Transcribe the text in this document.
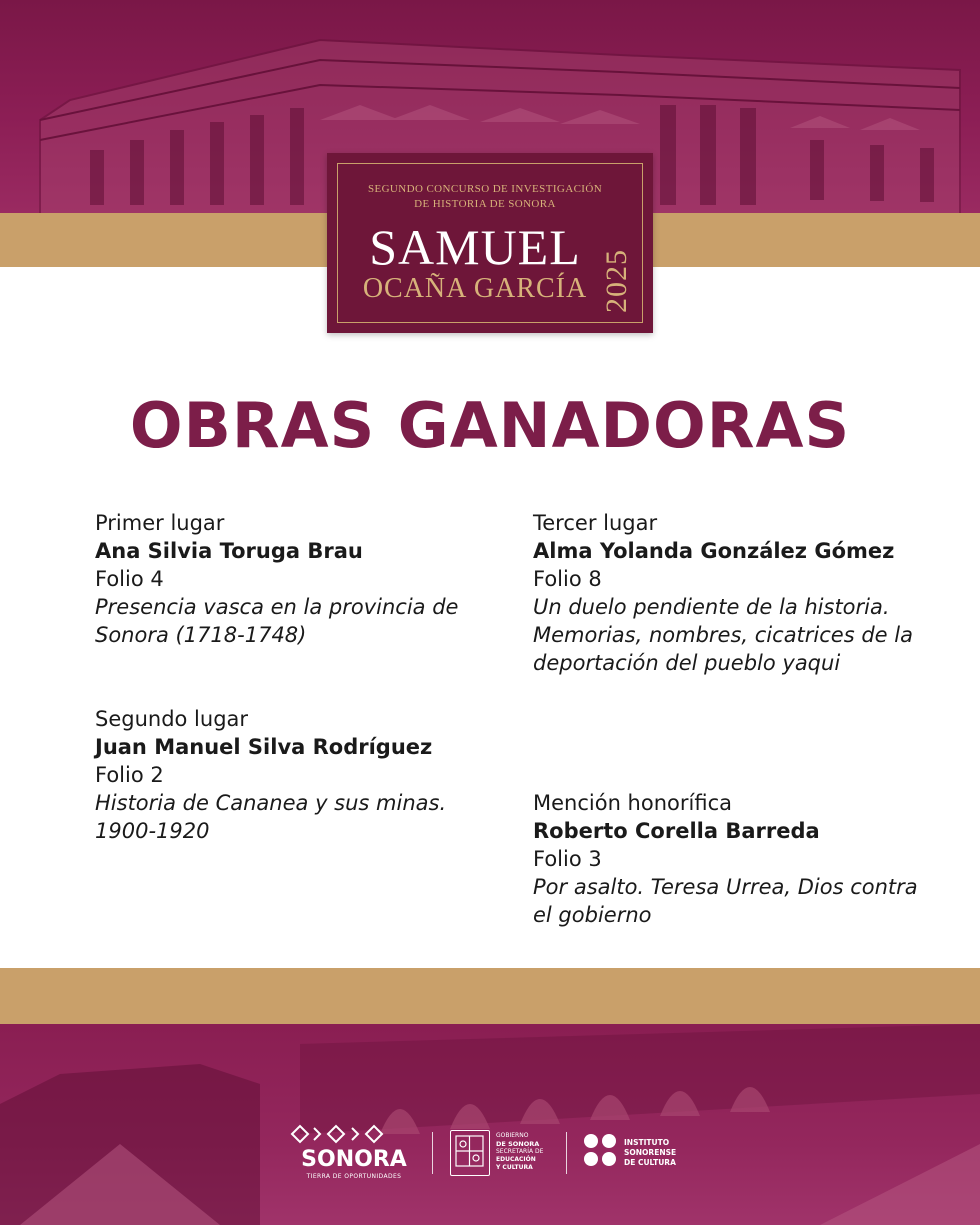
SEGUNDO CONCURSO DE INVESTIGACIÓN
DE HISTORIA DE SONORA
SAMUEL
OCAÑA GARCÍA 2025
OBRAS GANADORAS
Primer lugar
Ana Silvia Toruga Brau
Folio 4
Presencia vasca en la provincia de Sonora (1718-1748)
Segundo lugar
Juan Manuel Silva Rodríguez
Folio 2
Historia de Cananea y sus minas. 1900-1920
Tercer lugar
Alma Yolanda González Gómez
Folio 8
Un duelo pendiente de la historia. Memorias, nombres, cicatrices de la deportación del pueblo yaqui
Mención honorífica
Roberto Corella Barreda
Folio 3
Por asalto. Teresa Urrea, Dios contra el gobierno
SONORA
TIERRA DE OPORTUNIDADES
GOBIERNO
DE SONORA
SECRETARÍA DE
EDUCACIÓN
Y CULTURA
INSTITUTO
SONORENSE
DE CULTURA
